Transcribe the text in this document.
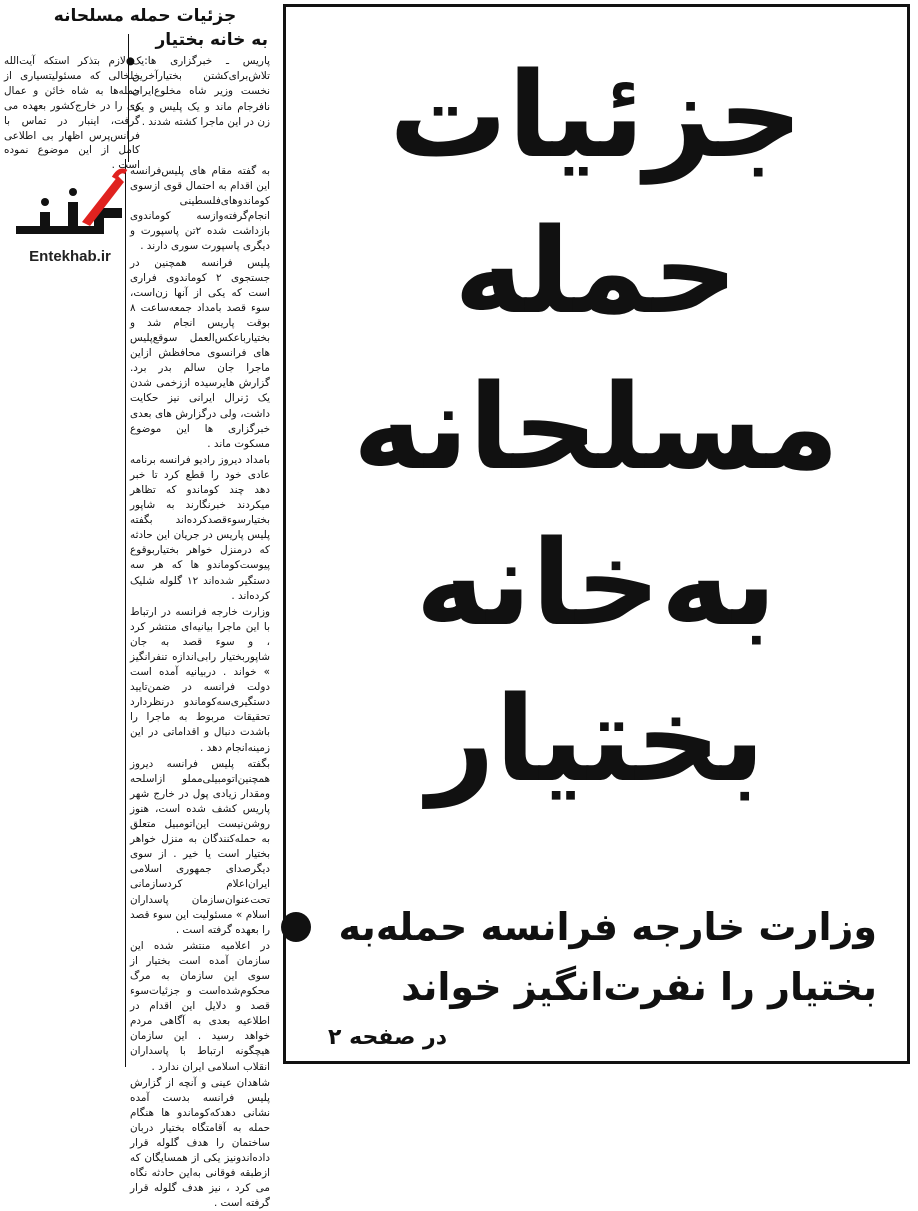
جزئیات حمله مسلحانه
به خانه بختیار

● لازم بتذکر استکه آیت‌الله خلخالی که مسئولیتسیاری از حمله‌ها به شاه خائن و عمال وی را در خارج‌کشور بعهده می گرفت، اینبار در تماس با فرانس‌پرس اظهار بی اطلاعی کامل از این موضوع نموده است .

پاریس ـ خبرگزاری ها:یک تلاش‌برای‌کشتن بختیار‌آخرین نخست وزیر شاه مخلوع‌ایران نافرجام ماند و یک پلیس و یک زن در این ماجرا کشته شدند .

به گفته مقام های پلیس‌فرانسه این اقدام به احتمال قوی ازسوی کوماندو‌های‌فلسطینی انجام‌گرفته‌واز‌سه کوماندوی بازداشت شده ۲تن پاسپورت و دیگری پاسپورت سوری دارند .

پلیس فرانسه همچنین در جستجوی ۲ کوماندوی فراری است که یکی از آنها زن‌است، سوء قصد بامداد جمعه‌ساعت ۸ بوقت پاریس انجام شد و بختیار‌باعکس‌العمل سوقع‌پلیس های فرانسوی محافظش ازاین ماجرا جان سالم بدر برد. گزارش هایرسیده اززخمی شدن یک ژنرال ایرانی نیز حکایت داشت، ولی درگزارش های بعدی خبرگزاری ها این موضوع مسکوت ماند .

بامداد دیروز رادیو فرانسه برنامه عادی خود را قطع کرد تا خبر دهد چند کوماندو که تظاهر میکردند خبرنگارند به شاپور بختیار‌سوء‌قصدکرده‌اند بگفته پلیس پاریس در جریان این حادثه که درمنزل خواهر بختیار‌بوقوع پیوست‌کوماندو ها که هر سه دستگیر شده‌اند ۱۲ گلوله شلیک کرده‌اند .

وزارت خارجه فرانسه در ارتباط با این ماجرا بیانیه‌ای منتشر کرد ، و سوء قصد به جان شاپور‌بختیار را‌بی‌اندازه تنفر‌انگیز » خواند . دربیانیه آمده است دولت فرانسه در ضمن‌تایید دستگیری‌سه‌کوماندو درنظردارد تحقیقات مربوط به ماجرا را باشدت دنبال و اقداماتی در این زمینه‌انجام دهد .

بگفته پلیس فرانسه دیروز همچنین‌اتومبیلی‌مملو ازاسلحه ومقدار زیادی پول در خارج شهر پاریس کشف شده است، هنوز روشن‌نیست این‌اتومبیل متعلق به حمله‌کنندگان به منزل خواهر بختیار است یا خیر . از سوی دیگرصدای جمهوری اسلامی ایران‌اعلام کردسازمانی تحت‌عنوان‌سازمان پاسداران اسلام » مسئولیت این سوء قصد را بعهده گرفته است .

در اعلامیه منتشر شده این سازمان آمده است بختیار از سوی این سازمان به مرگ محکوم‌شده‌است و جزئیات‌سوء قصد و دلایل این اقدام در اطلاعیه بعدی به آگاهی مردم خواهد رسید . این سازمان هیچگونه ارتباط با پاسداران انقلاب اسلامی ایران ندارد .

شاهدان عینی و آنچه از گزارش پلیس فرانسه بدست آمده نشانی‌ دهدکه‌کوماندو ها هنگام حمله به آقامتگاه بختیار دربان ساختمان را هدف گلوله قرار داده‌اند‌ونیز یکی از همسایگان که ازطبقه فوقانی به‌این حادثه نگاه می کرد ، نیز هدف گلوله قرار گرفته است .

Entekhab.ir
جزئیات
حمله
مسلحانه
به‌خانه
بختیار
وزارت خارجه فرانسه حمله‌به
بختیار را نفرت‌انگیز خواند
در صفحه ۲
